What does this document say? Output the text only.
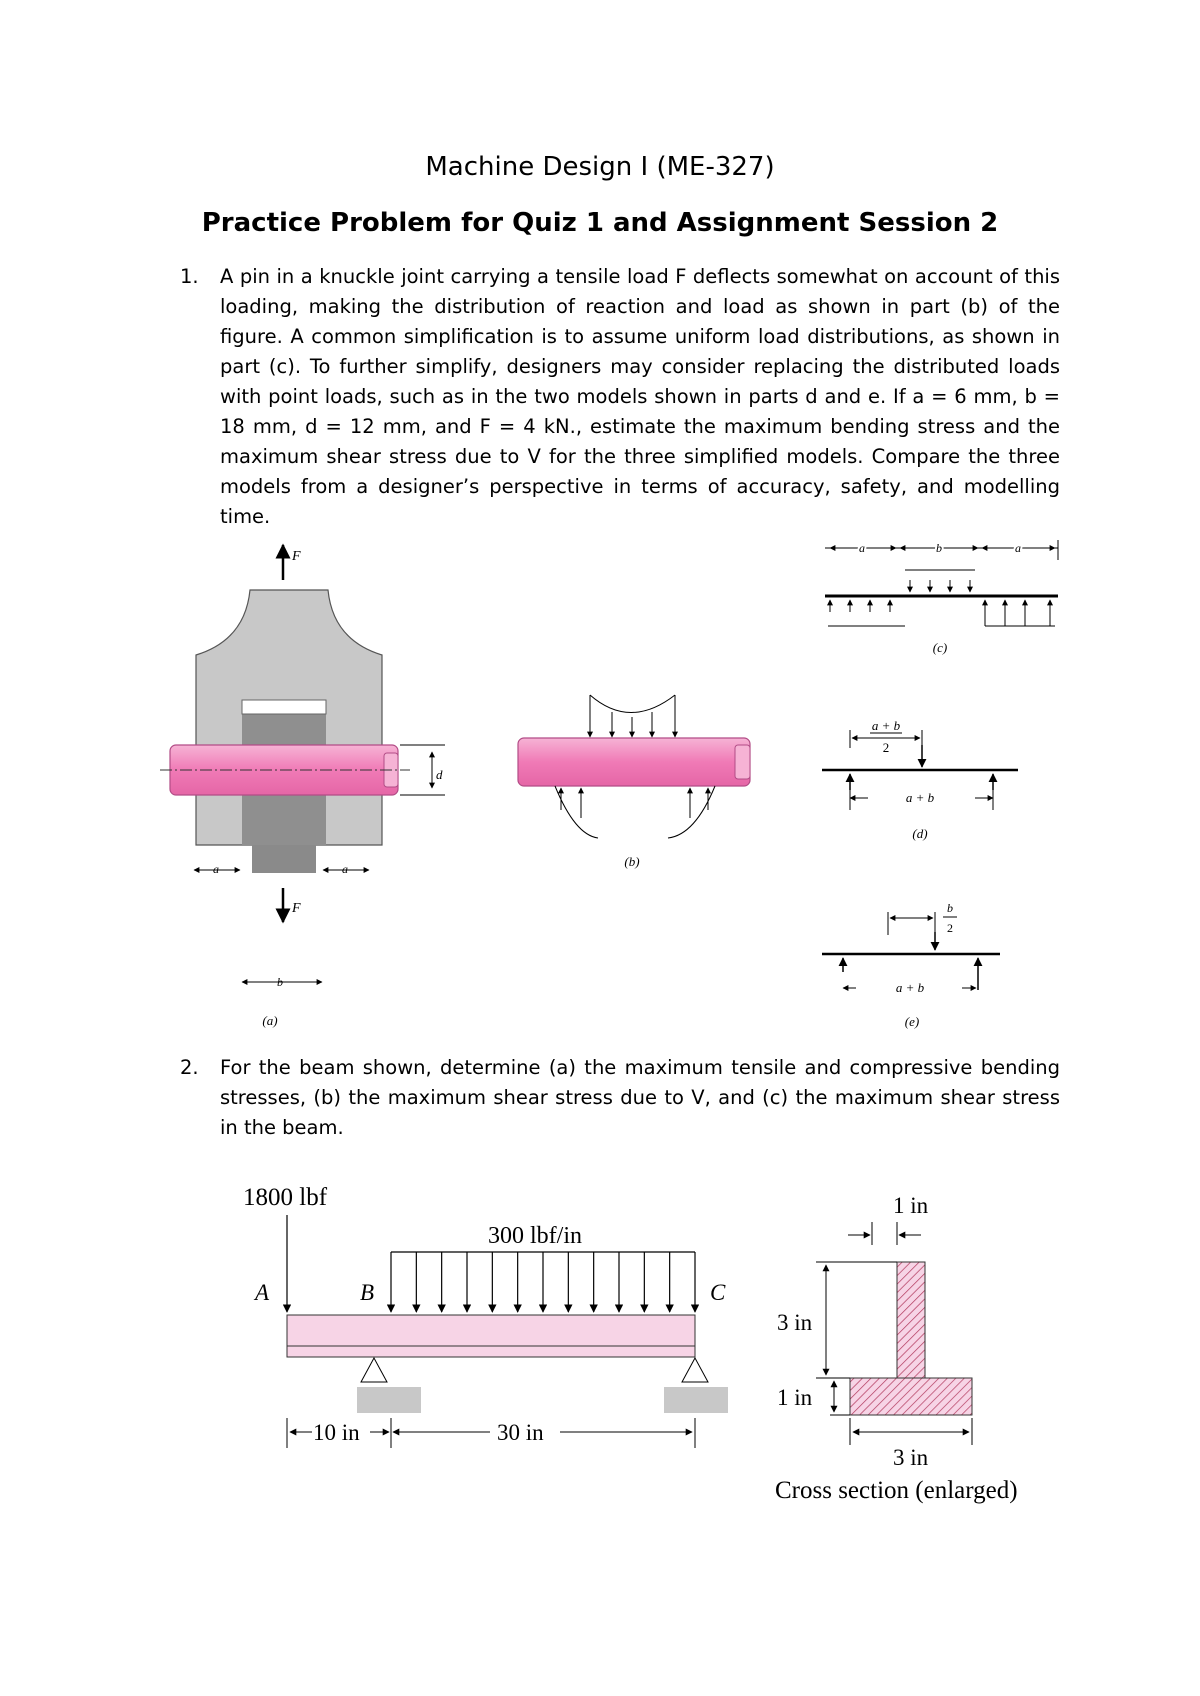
Machine Design I (ME-327)
Practice Problem for Quiz 1 and Assignment Session 2
1. A pin in a knuckle joint carrying a tensile load F deflects somewhat on account of this loading, making the distribution of reaction and load as shown in part (b) of the figure. A common simplification is to assume uniform load distributions, as shown in part (c). To further simplify, designers may consider replacing the distributed loads with point loads, such as in the two models shown in parts d and e. If a = 6 mm, b = 18 mm, d = 12 mm, and F = 4 kN., estimate the maximum bending stress and the maximum shear stress due to V for the three simplified models. Compare the three models from a designer’s perspective in terms of accuracy, safety, and modelling time.
F
d
a	a
F
b
(a)
(b)
a	b	a
(c)
a + b
2
a + b
(d)
b
2
a + b
(e)
2. For the beam shown, determine (a) the maximum tensile and compressive bending stresses, (b) the maximum shear stress due to V, and (c) the maximum shear stress in the beam.
1800 lbf
A
300 lbf/in
B	C
10 in	30 in
1 in
3 in
1 in
3 in
Cross section (enlarged)
